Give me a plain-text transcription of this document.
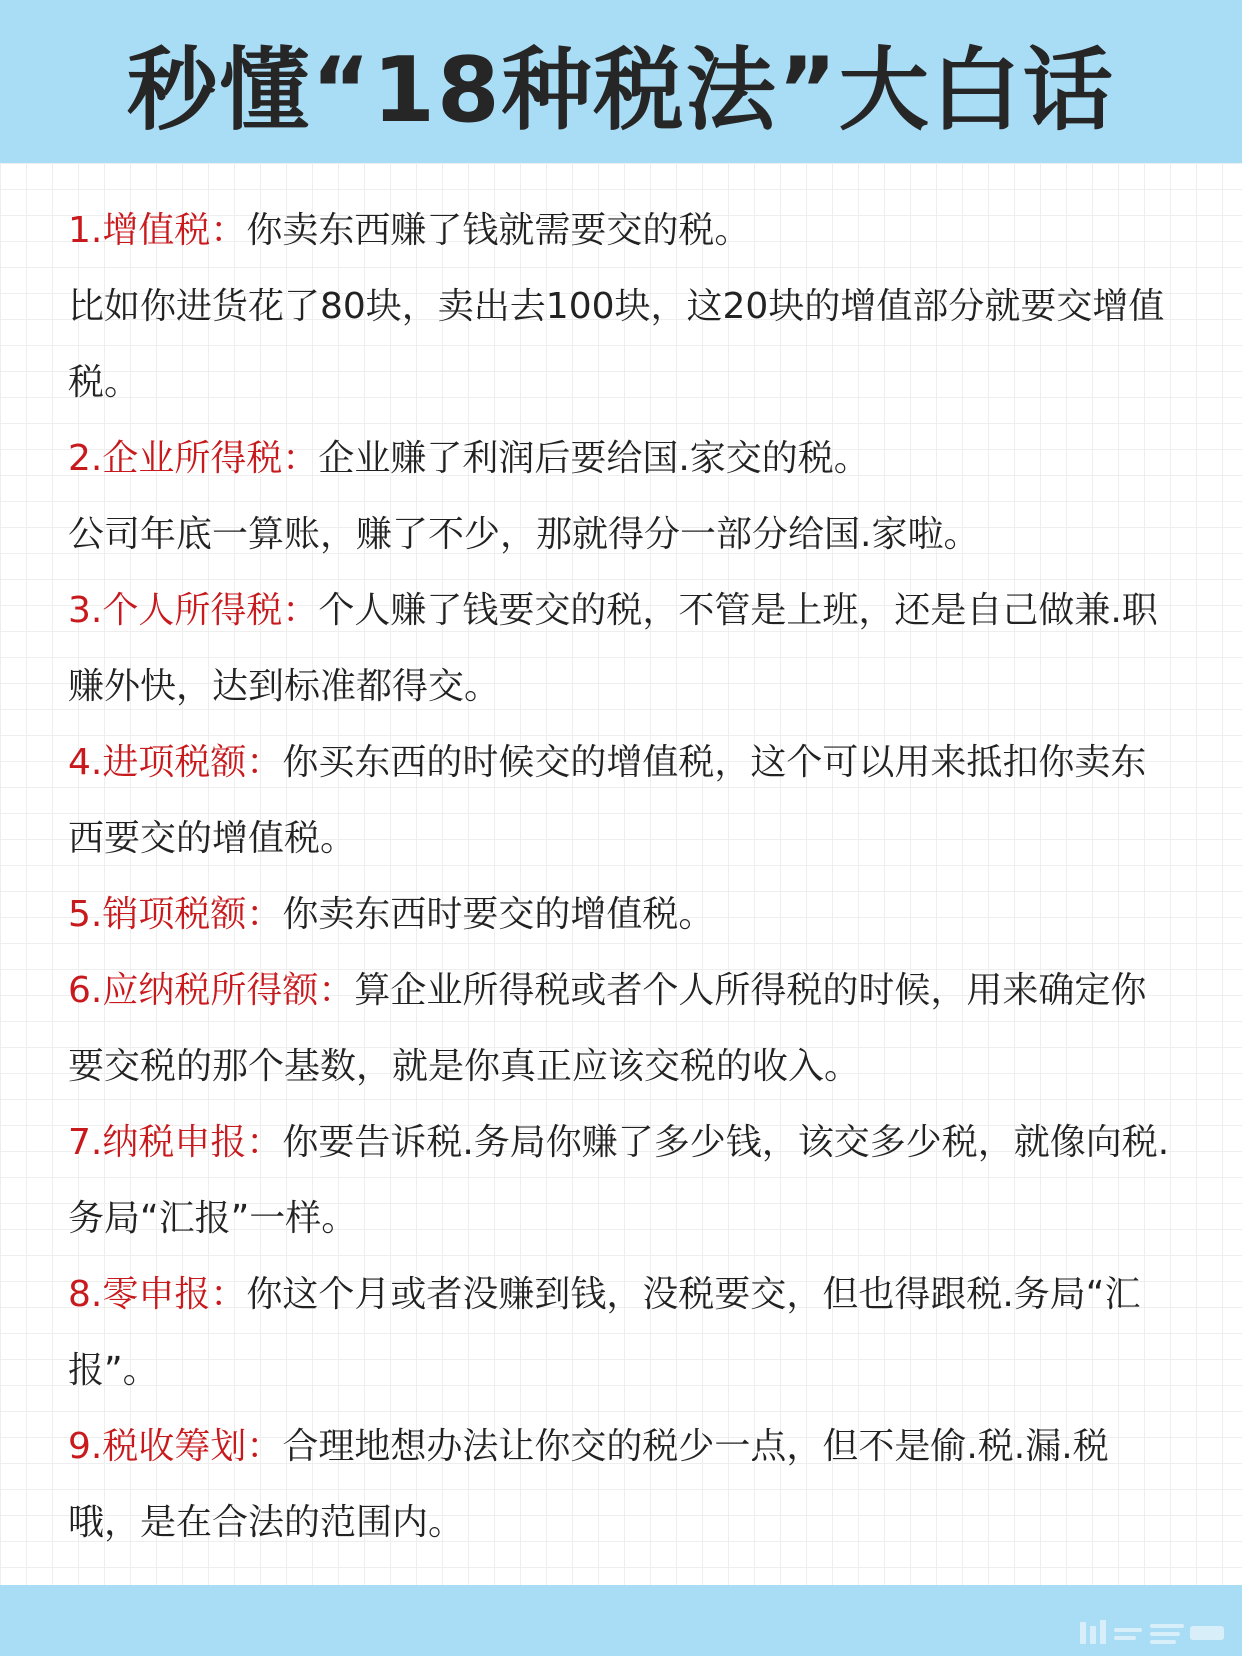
秒懂“18种税法”大白话

1.增值税：你卖东西赚了钱就需要交的税。

比如你进货花了80块，卖出去100块，这20块的增值部分就要交增值税。

2.企业所得税：企业赚了利润后要给国.家交的税。

公司年底一算账，赚了不少，那就得分一部分给国.家啦。

3.个人所得税：个人赚了钱要交的税，不管是上班，还是自己做兼.职赚外快，达到标准都得交。

4.进项税额：你买东西的时候交的增值税，这个可以用来抵扣你卖东西要交的增值税。

5.销项税额：你卖东西时要交的增值税。

6.应纳税所得额：算企业所得税或者个人所得税的时候，用来确定你要交税的那个基数，就是你真正应该交税的收入。

7.纳税申报：你要告诉税.务局你赚了多少钱，该交多少税，就像向税.务局“汇报”一样。

8.零申报：你这个月或者没赚到钱，没税要交，但也得跟税.务局“汇报”。

9.税收筹划：合理地想办法让你交的税少一点，但不是偷.税.漏.税哦，是在合法的范围内。
